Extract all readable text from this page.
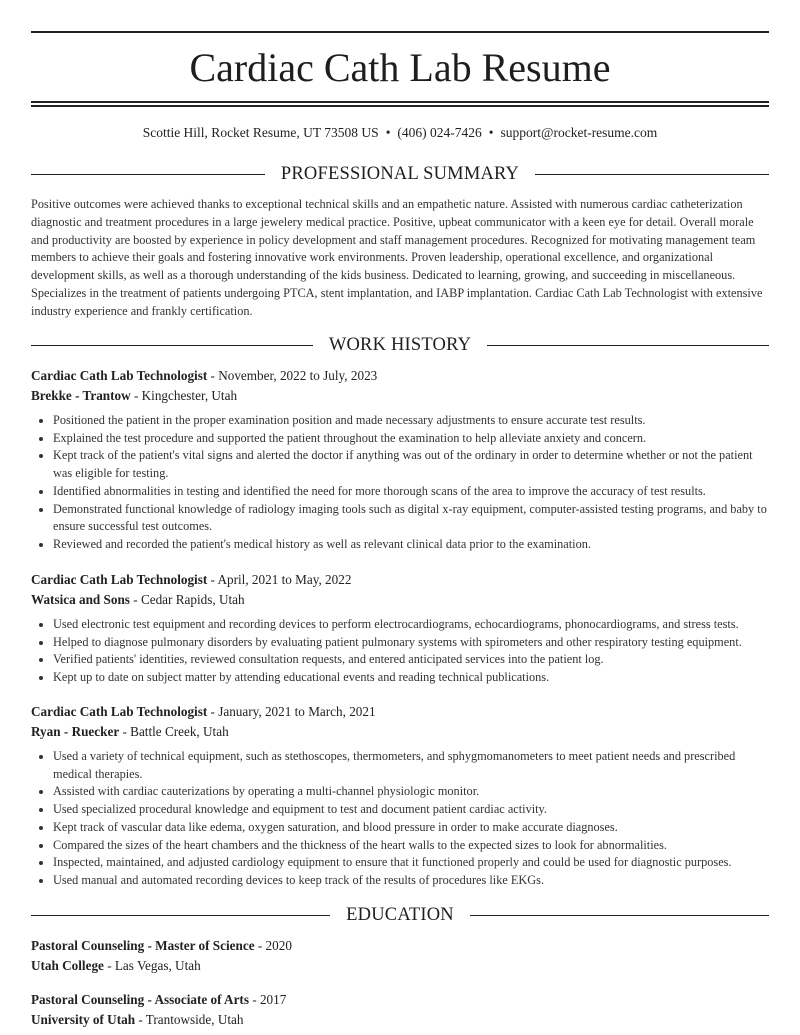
Cardiac Cath Lab Resume
Scottie Hill, Rocket Resume, UT 73508 US • (406) 024-7426 • support@rocket-resume.com
PROFESSIONAL SUMMARY

Positive outcomes were achieved thanks to exceptional technical skills and an empathetic nature. Assisted with numerous cardiac catheterization diagnostic and treatment procedures in a large jewelery medical practice. Positive, upbeat communicator with a keen eye for detail. Overall morale and productivity are boosted by experience in policy development and staff management procedures. Recognized for motivating management team members to achieve their goals and fostering innovative work environments. Proven leadership, operational excellence, and organizational development skills, as well as a thorough understanding of the kids business. Dedicated to learning, growing, and succeeding in miscellaneous. Specializes in the treatment of patients undergoing PTCA, stent implantation, and IABP implantation. Cardiac Cath Lab Technologist with extensive industry experience and frankly certification.

WORK HISTORY
Cardiac Cath Lab Technologist - November, 2022 to July, 2023
Brekke - Trantow - Kingchester, Utah
• Positioned the patient in the proper examination position and made necessary adjustments to ensure accurate test results.
• Explained the test procedure and supported the patient throughout the examination to help alleviate anxiety and concern.
• Kept track of the patient's vital signs and alerted the doctor if anything was out of the ordinary in order to determine whether or not the patient was eligible for testing.
• Identified abnormalities in testing and identified the need for more thorough scans of the area to improve the accuracy of test results.
• Demonstrated functional knowledge of radiology imaging tools such as digital x-ray equipment, computer-assisted testing programs, and baby to ensure successful test outcomes.
• Reviewed and recorded the patient's medical history as well as relevant clinical data prior to the examination.
Cardiac Cath Lab Technologist - April, 2021 to May, 2022
Watsica and Sons - Cedar Rapids, Utah
• Used electronic test equipment and recording devices to perform electrocardiograms, echocardiograms, phonocardiograms, and stress tests.
• Helped to diagnose pulmonary disorders by evaluating patient pulmonary systems with spirometers and other respiratory testing equipment.
• Verified patients' identities, reviewed consultation requests, and entered anticipated services into the patient log.
• Kept up to date on subject matter by attending educational events and reading technical publications.
Cardiac Cath Lab Technologist - January, 2021 to March, 2021
Ryan - Ruecker - Battle Creek, Utah
• Used a variety of technical equipment, such as stethoscopes, thermometers, and sphygmomanometers to meet patient needs and prescribed medical therapies.
• Assisted with cardiac cauterizations by operating a multi-channel physiologic monitor.
• Used specialized procedural knowledge and equipment to test and document patient cardiac activity.
• Kept track of vascular data like edema, oxygen saturation, and blood pressure in order to make accurate diagnoses.
• Compared the sizes of the heart chambers and the thickness of the heart walls to the expected sizes to look for abnormalities.
• Inspected, maintained, and adjusted cardiology equipment to ensure that it functioned properly and could be used for diagnostic purposes.
• Used manual and automated recording devices to keep track of the results of procedures like EKGs.
EDUCATION
Pastoral Counseling - Master of Science - 2020
Utah College - Las Vegas, Utah
Pastoral Counseling - Associate of Arts - 2017
University of Utah - Trantowside, Utah
